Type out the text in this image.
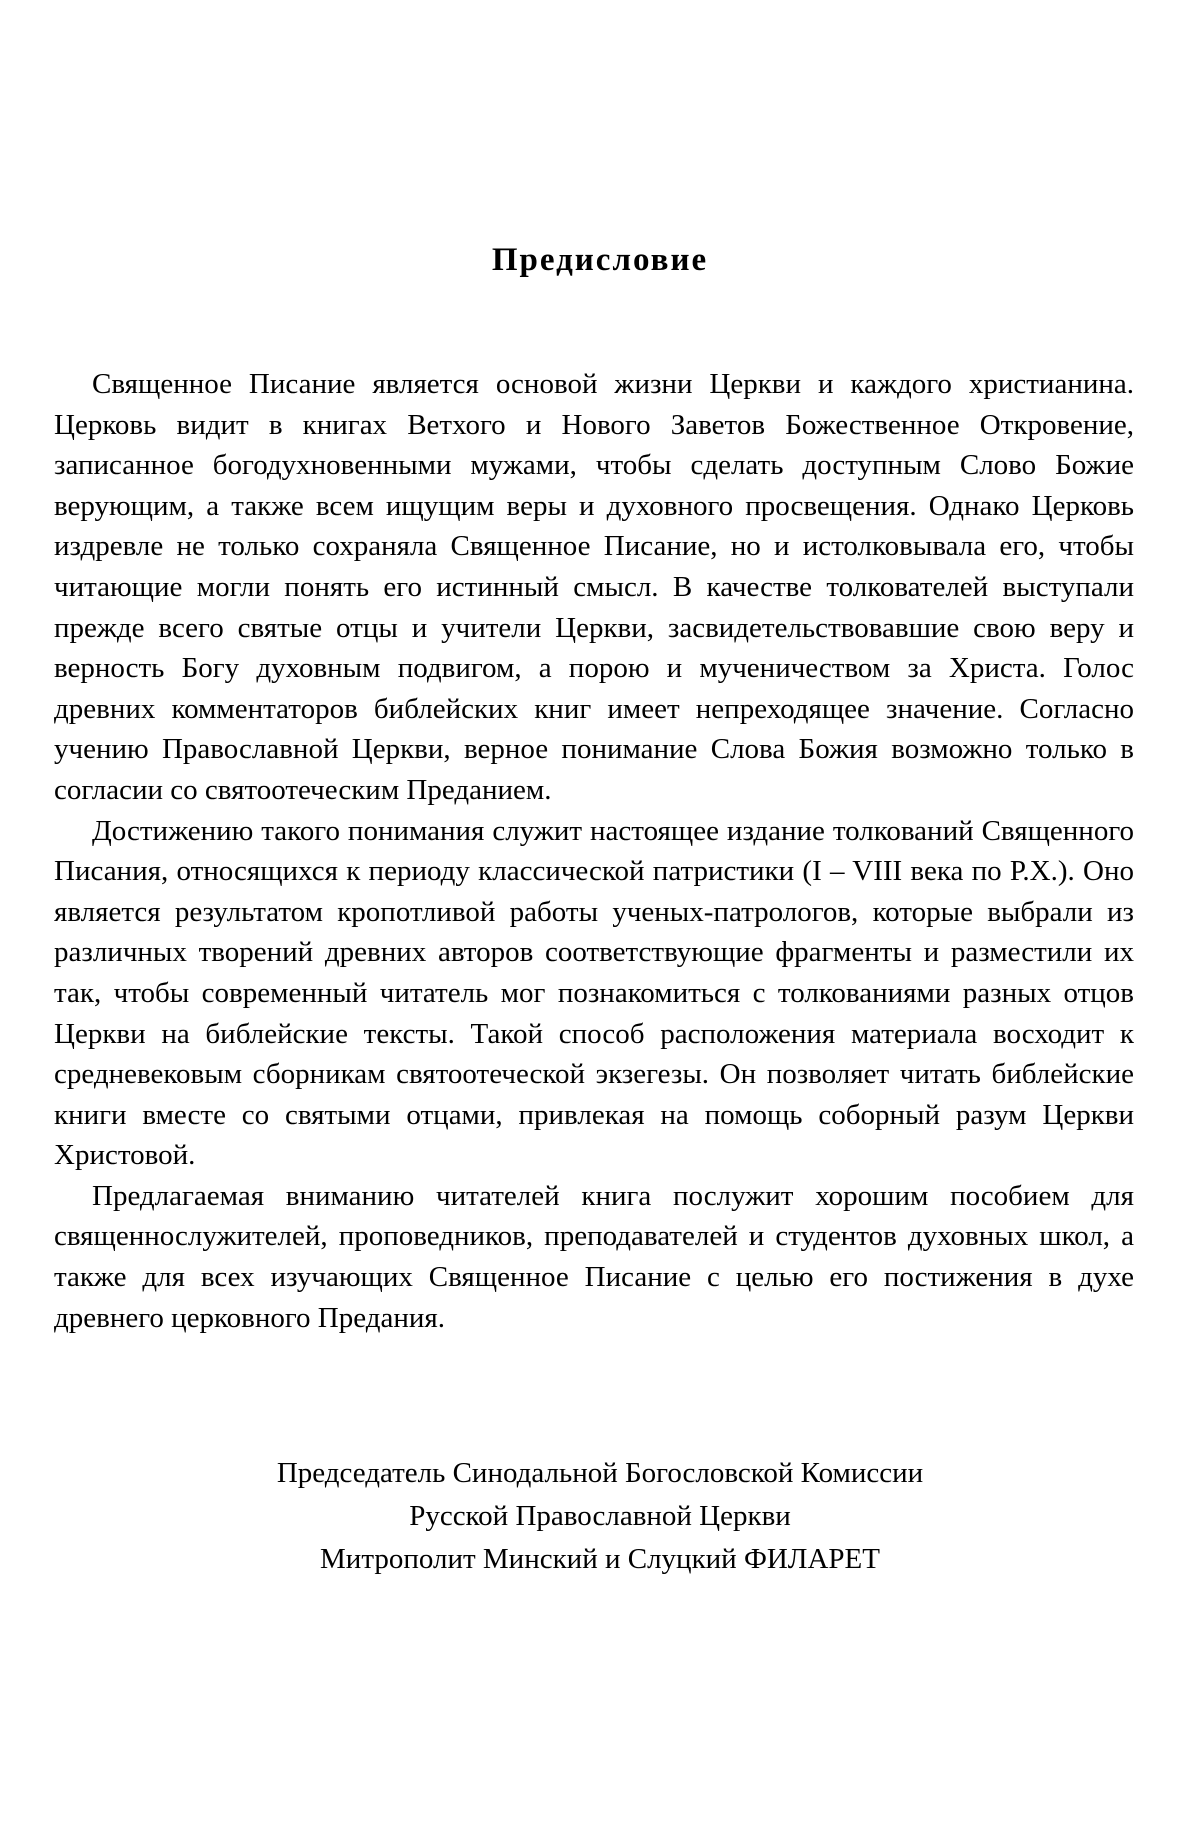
Предисловие

Священное Писание является основой жизни Церкви и каждого христианина. Церковь видит в книгах Ветхого и Нового Заветов Божественное Откровение, записанное богодухновенными мужами, чтобы сделать доступным Слово Божие верующим, а также всем ищущим веры и духовного просвещения. Однако Церковь издревле не только сохраняла Священное Писание, но и истолковывала его, чтобы читающие могли понять его истинный смысл. В качестве толкователей выступали прежде всего святые отцы и учители Церкви, засвидетельствовавшие свою веру и верность Богу духовным подвигом, а порою и мученичеством за Христа. Голос древних комментаторов библейских книг имеет непреходящее значение. Согласно учению Православной Церкви, верное понимание Слова Божия возможно только в согласии со святоотеческим Преданием.

Достижению такого понимания служит настоящее издание толкований Священного Писания, относящихся к периоду классической патристики (I – VIII века по Р.Х.). Оно является результатом кропотливой работы ученых-патрологов, которые выбрали из различных творений древних авторов соответствующие фрагменты и разместили их так, чтобы современный читатель мог познакомиться с толкованиями разных отцов Церкви на библейские тексты. Такой способ расположения материала восходит к средневековым сборникам святоотеческой экзегезы. Он позволяет читать библейские книги вместе со святыми отцами, привлекая на помощь соборный разум Церкви Христовой.

Предлагаемая вниманию читателей книга послужит хорошим пособием для священнослужителей, проповедников, преподавателей и студентов духовных школ, а также для всех изучающих Священное Писание с целью его постижения в духе древнего церковного Предания.

Председатель Синодальной Богословской Комиссии
Русской Православной Церкви
Митрополит Минский и Слуцкий ФИЛАРЕТ
